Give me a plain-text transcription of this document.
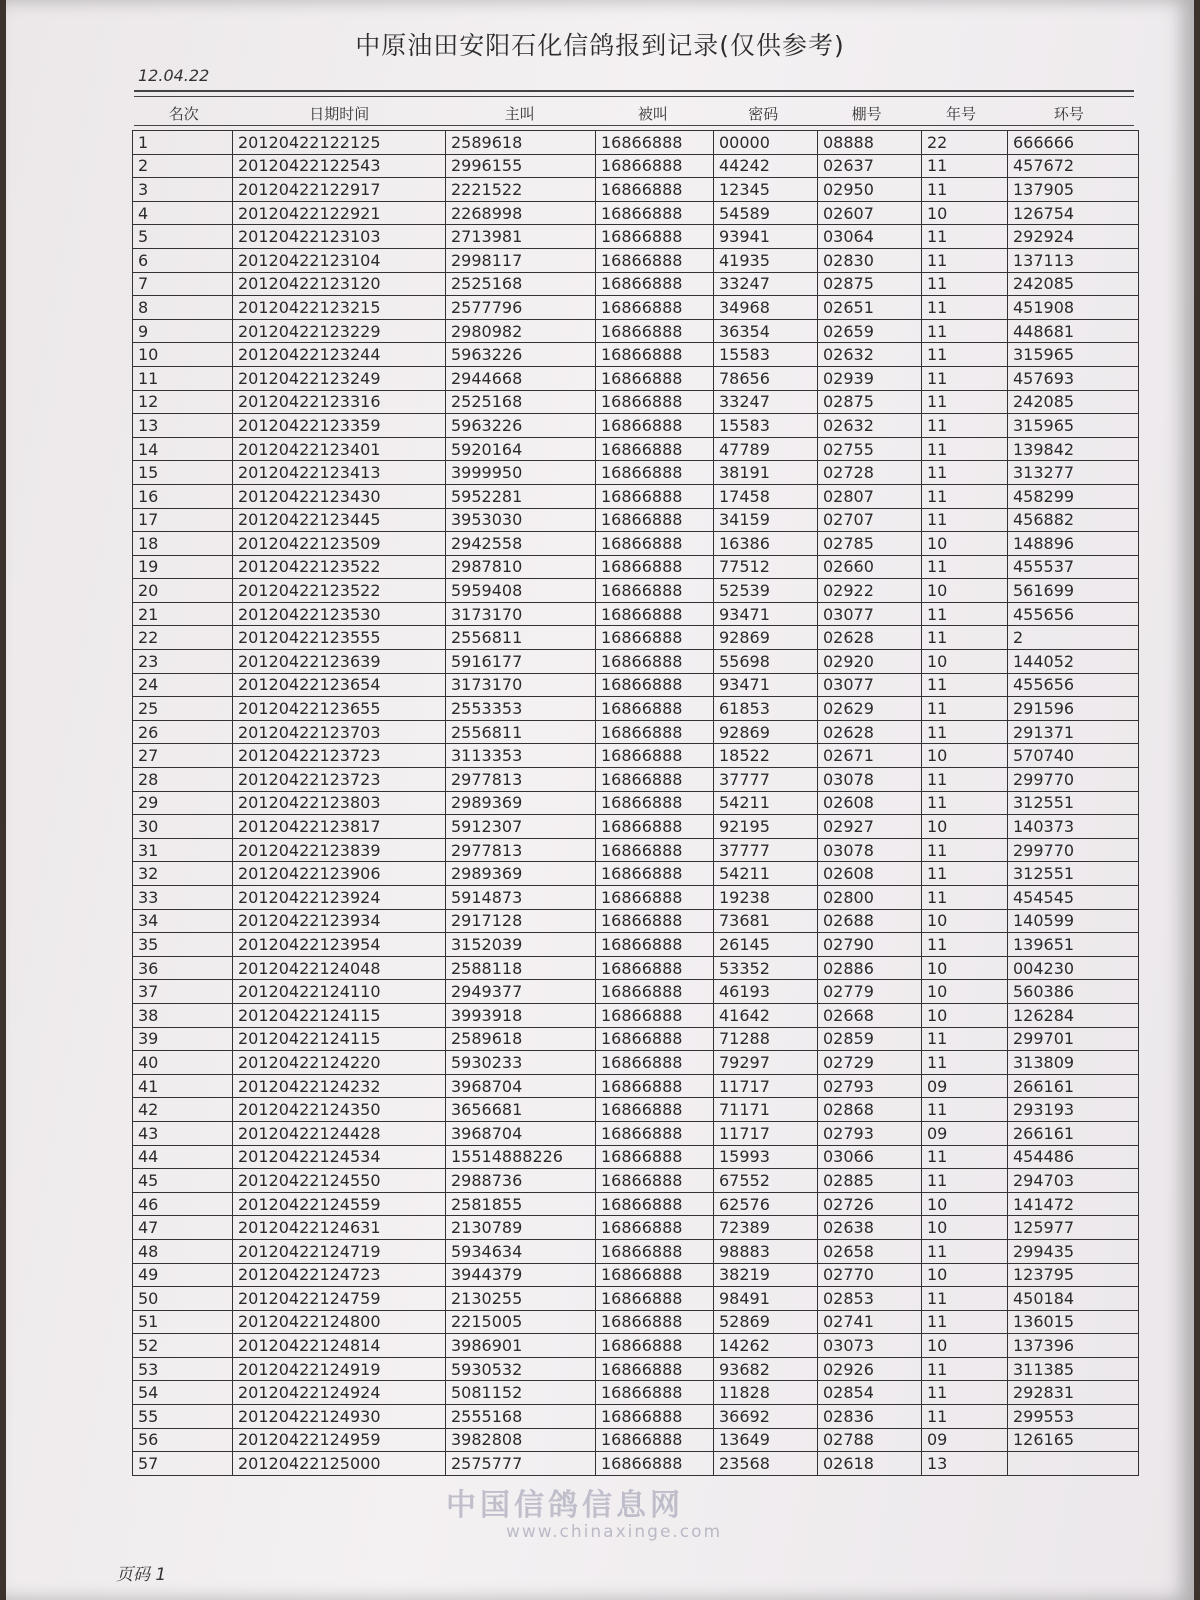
中原油田安阳石化信鸽报到记录(仅供参考)
12.04.22
名次	日期时间	主叫	被叫	密码	棚号	年号	环号
1	20120422122125	2589618	16866888	00000	08888	22	666666
2	20120422122543	2996155	16866888	44242	02637	11	457672
3	20120422122917	2221522	16866888	12345	02950	11	137905
4	20120422122921	2268998	16866888	54589	02607	10	126754
5	20120422123103	2713981	16866888	93941	03064	11	292924
6	20120422123104	2998117	16866888	41935	02830	11	137113
7	20120422123120	2525168	16866888	33247	02875	11	242085
8	20120422123215	2577796	16866888	34968	02651	11	451908
9	20120422123229	2980982	16866888	36354	02659	11	448681
10	20120422123244	5963226	16866888	15583	02632	11	315965
11	20120422123249	2944668	16866888	78656	02939	11	457693
12	20120422123316	2525168	16866888	33247	02875	11	242085
13	20120422123359	5963226	16866888	15583	02632	11	315965
14	20120422123401	5920164	16866888	47789	02755	11	139842
15	20120422123413	3999950	16866888	38191	02728	11	313277
16	20120422123430	5952281	16866888	17458	02807	11	458299
17	20120422123445	3953030	16866888	34159	02707	11	456882
18	20120422123509	2942558	16866888	16386	02785	10	148896
19	20120422123522	2987810	16866888	77512	02660	11	455537
20	20120422123522	5959408	16866888	52539	02922	10	561699
21	20120422123530	3173170	16866888	93471	03077	11	455656
22	20120422123555	2556811	16866888	92869	02628	11	2
23	20120422123639	5916177	16866888	55698	02920	10	144052
24	20120422123654	3173170	16866888	93471	03077	11	455656
25	20120422123655	2553353	16866888	61853	02629	11	291596
26	20120422123703	2556811	16866888	92869	02628	11	291371
27	20120422123723	3113353	16866888	18522	02671	10	570740
28	20120422123723	2977813	16866888	37777	03078	11	299770
29	20120422123803	2989369	16866888	54211	02608	11	312551
30	20120422123817	5912307	16866888	92195	02927	10	140373
31	20120422123839	2977813	16866888	37777	03078	11	299770
32	20120422123906	2989369	16866888	54211	02608	11	312551
33	20120422123924	5914873	16866888	19238	02800	11	454545
34	20120422123934	2917128	16866888	73681	02688	10	140599
35	20120422123954	3152039	16866888	26145	02790	11	139651
36	20120422124048	2588118	16866888	53352	02886	10	004230
37	20120422124110	2949377	16866888	46193	02779	10	560386
38	20120422124115	3993918	16866888	41642	02668	10	126284
39	20120422124115	2589618	16866888	71288	02859	11	299701
40	20120422124220	5930233	16866888	79297	02729	11	313809
41	20120422124232	3968704	16866888	11717	02793	09	266161
42	20120422124350	3656681	16866888	71171	02868	11	293193
43	20120422124428	3968704	16866888	11717	02793	09	266161
44	20120422124534	15514888226	16866888	15993	03066	11	454486
45	20120422124550	2988736	16866888	67552	02885	11	294703
46	20120422124559	2581855	16866888	62576	02726	10	141472
47	20120422124631	2130789	16866888	72389	02638	10	125977
48	20120422124719	5934634	16866888	98883	02658	11	299435
49	20120422124723	3944379	16866888	38219	02770	10	123795
50	20120422124759	2130255	16866888	98491	02853	11	450184
51	20120422124800	2215005	16866888	52869	02741	11	136015
52	20120422124814	3986901	16866888	14262	03073	10	137396
53	20120422124919	5930532	16866888	93682	02926	11	311385
54	20120422124924	5081152	16866888	11828	02854	11	292831
55	20120422124930	2555168	16866888	36692	02836	11	299553
56	20120422124959	3982808	16866888	13649	02788	09	126165
57	20120422125000	2575777	16866888	23568	02618	13	
中国信鸽信息网
www.chinaxinge.com
页码 1
